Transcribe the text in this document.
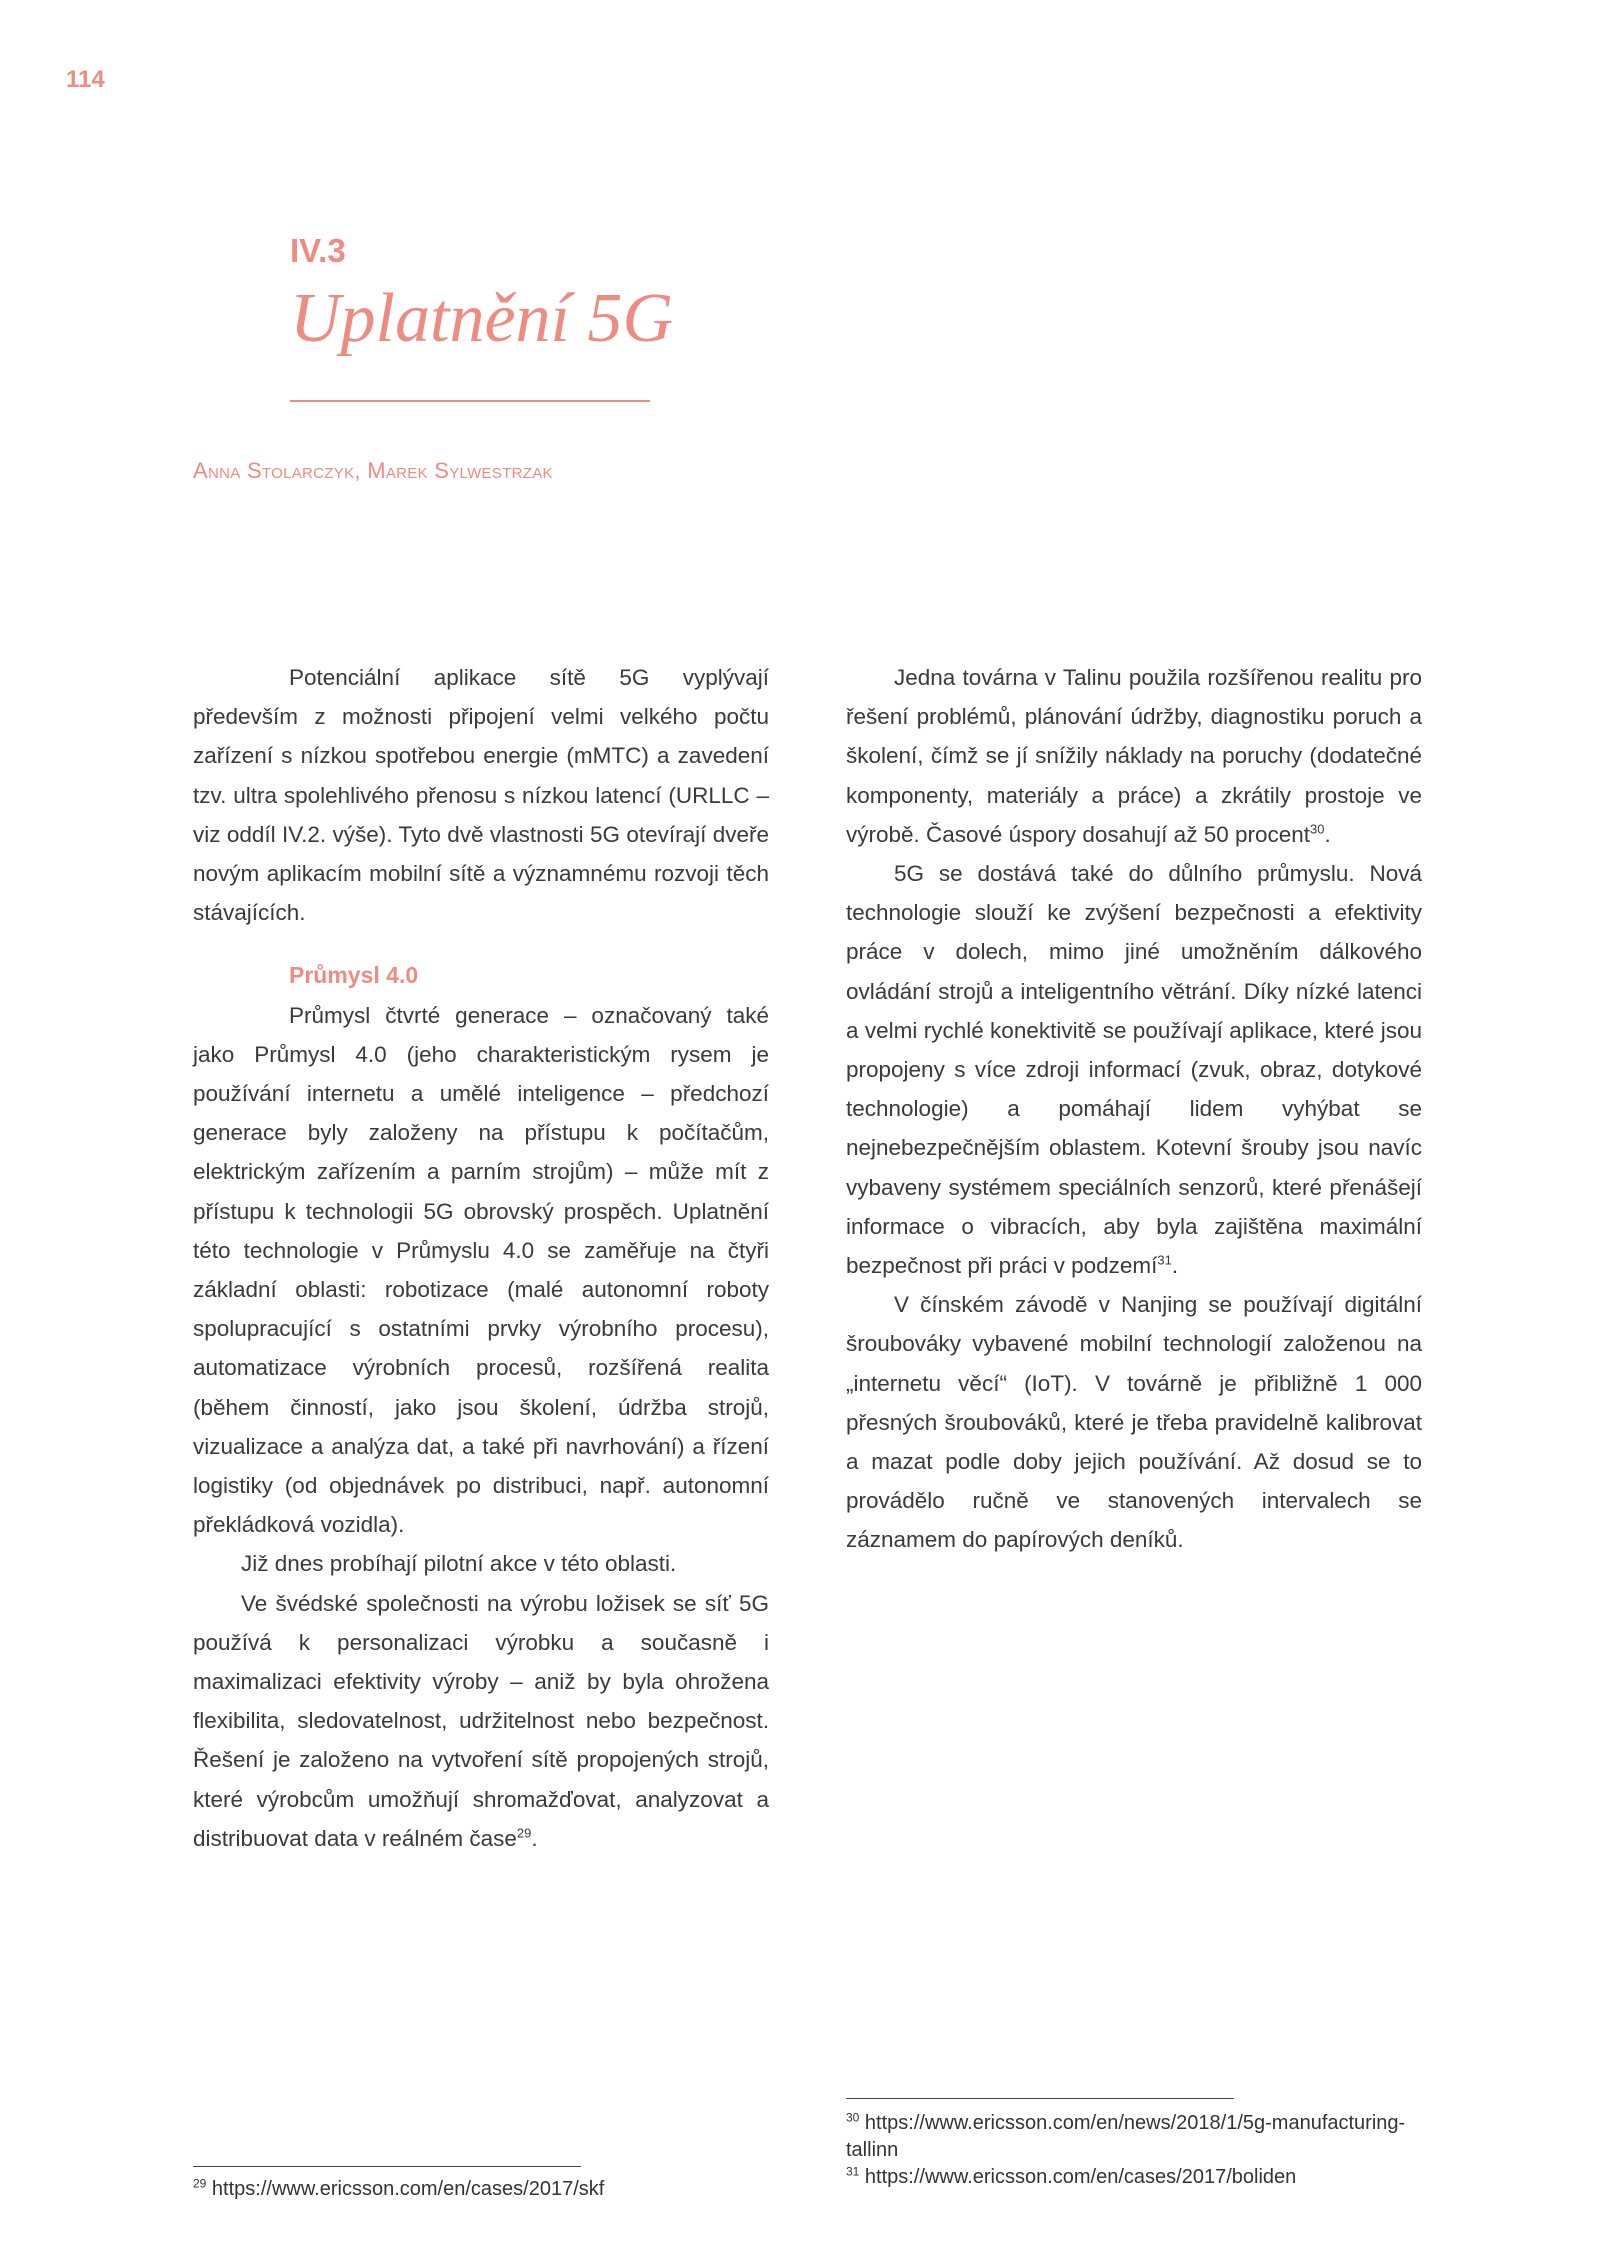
114
IV.3
Uplatnění 5G
Anna Stolarczyk, Marek Sylwestrzak

Potenciální aplikace sítě 5G vyplývají především z možnosti připojení velmi velkého počtu zařízení s nízkou spotřebou energie (mMTC) a zavedení tzv. ultra spolehlivého přenosu s nízkou latencí (URLLC – viz oddíl IV.2. výše). Tyto dvě vlastnosti 5G otevírají dveře novým aplikacím mobilní sítě a významnému rozvoji těch stávajících.

Průmysl 4.0

Průmysl čtvrté generace – označovaný také jako Průmysl 4.0 (jeho charakteristickým rysem je používání internetu a umělé inteligence – předchozí generace byly založeny na přístupu k počítačům, elektrickým zařízením a parním strojům) – může mít z přístupu k technologii 5G obrovský prospěch. Uplatnění této technologie v Průmyslu 4.0 se zaměřuje na čtyři základní oblasti: robotizace (malé autonomní roboty spolupracující s ostatními prvky výrobního procesu), automatizace výrobních procesů, rozšířená realita (během činností, jako jsou školení, údržba strojů, vizualizace a analýza dat, a také při navrhování) a řízení logistiky (od objednávek po distribuci, např. autonomní překládková vozidla).

Již dnes probíhají pilotní akce v této oblasti.

Ve švédské společnosti na výrobu ložisek se síť 5G používá k personalizaci výrobku a současně i maximalizaci efektivity výroby – aniž by byla ohrožena flexibilita, sledovatelnost, udržitelnost nebo bezpečnost. Řešení je založeno na vytvoření sítě propojených strojů, které výrobcům umožňují shromažďovat, analyzovat a distribuovat data v reálném čase$^{29}$.

Jedna továrna v Talinu použila rozšířenou realitu pro řešení problémů, plánování údržby, diagnostiku poruch a školení, čímž se jí snížily náklady na poruchy (dodatečné komponenty, materiály a práce) a zkrátily prostoje ve výrobě. Časové úspory dosahují až 50 procent$^{30}$.

5G se dostává také do důlního průmyslu. Nová technologie slouží ke zvýšení bezpečnosti a efektivity práce v dolech, mimo jiné umožněním dálkového ovládání strojů a inteligentního větrání. Díky nízké latenci a velmi rychlé konektivitě se používají aplikace, které jsou propojeny s více zdroji informací (zvuk, obraz, dotykové technologie) a pomáhají lidem vyhýbat se nejnebezpečnějším oblastem. Kotevní šrouby jsou navíc vybaveny systémem speciálních senzorů, které přenášejí informace o vibracích, aby byla zajištěna maximální bezpečnost při práci v podzemí$^{31}$.

V čínském závodě v Nanjing se používají digitální šroubováky vybavené mobilní technologií založenou na „internetu věcí“ (IoT). V továrně je přibližně 1 000 přesných šroubováků, které je třeba pravidelně kalibrovat a mazat podle doby jejich používání. Až dosud se to provádělo ručně ve stanovených intervalech se záznamem do papírových deníků.

$^{29}$ https://www.ericsson.com/en/cases/2017/skf
$^{30}$ https://www.ericsson.com/en/news/2018/1/5g-manufacturing-tallinn
$^{31}$ https://www.ericsson.com/en/cases/2017/boliden
